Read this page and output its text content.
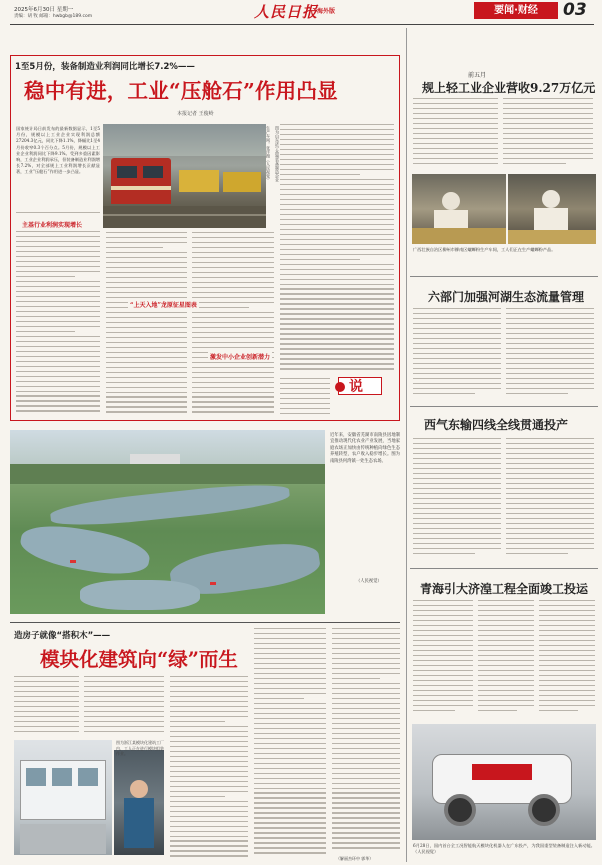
2025年6月30日 星期一
责编：胡 牧 邮箱：hwbgb@189.com	人民日报
海外版	要闻·财经	03
1至5月份，装备制造业利润同比增长7.2%——
稳中有进，工业“压舱石”作用凸显
本报记者 王俊岭
图为山东济宁高端装备制造企业
生产车间。张洋摄（人民视觉）
国家统计局日前发布的最新数据显示，1至5月份，规模以上工业企业实现利润总额27204.3亿元，同比下降1.1%，降幅比1至4月份收窄0.3个百分点。5月份，规模以上工业企业利润同比下降9.1%。受到多重因素影响，工业企业利润承压，但装备制造业利润增长7.2%，对全部规上工业利润增长贡献显著，工业“压舱石”作用进一步凸显。
主基行业利润实现增长
“上天入地”龙原征星图表
激发中小企业创新潜力
说
近年来，安徽省芜湖市南陵县因地制宜推动现代化农业产业发展，当地家庭农场正加快由传统种植向绿色生态养殖转型，农户收入稳步增长。图为南陵县何湾镇一处生态农场。
（人民视觉）
造房子就像“搭积木”——
模块化建筑向“绿”而生
（解丽杰环中 郭华）
图为浙江某模块化建筑工厂内，工人正在进行模块组装作业。
前五月
规上轻工业企业营收9.27万亿元
广西壮族自治区柳州市柳南区螺蛳粉生产车间，工人们正在生产螺蛳粉产品。
六部门加强河湖生态流量管理
西气东输四线全线贯通投产
青海引大济湟工程全面竣工投运
6月28日，国内首台全工况智能航天模块化机器人在广东投产，为我国重型装备制造注入新动能。（人民视觉）
